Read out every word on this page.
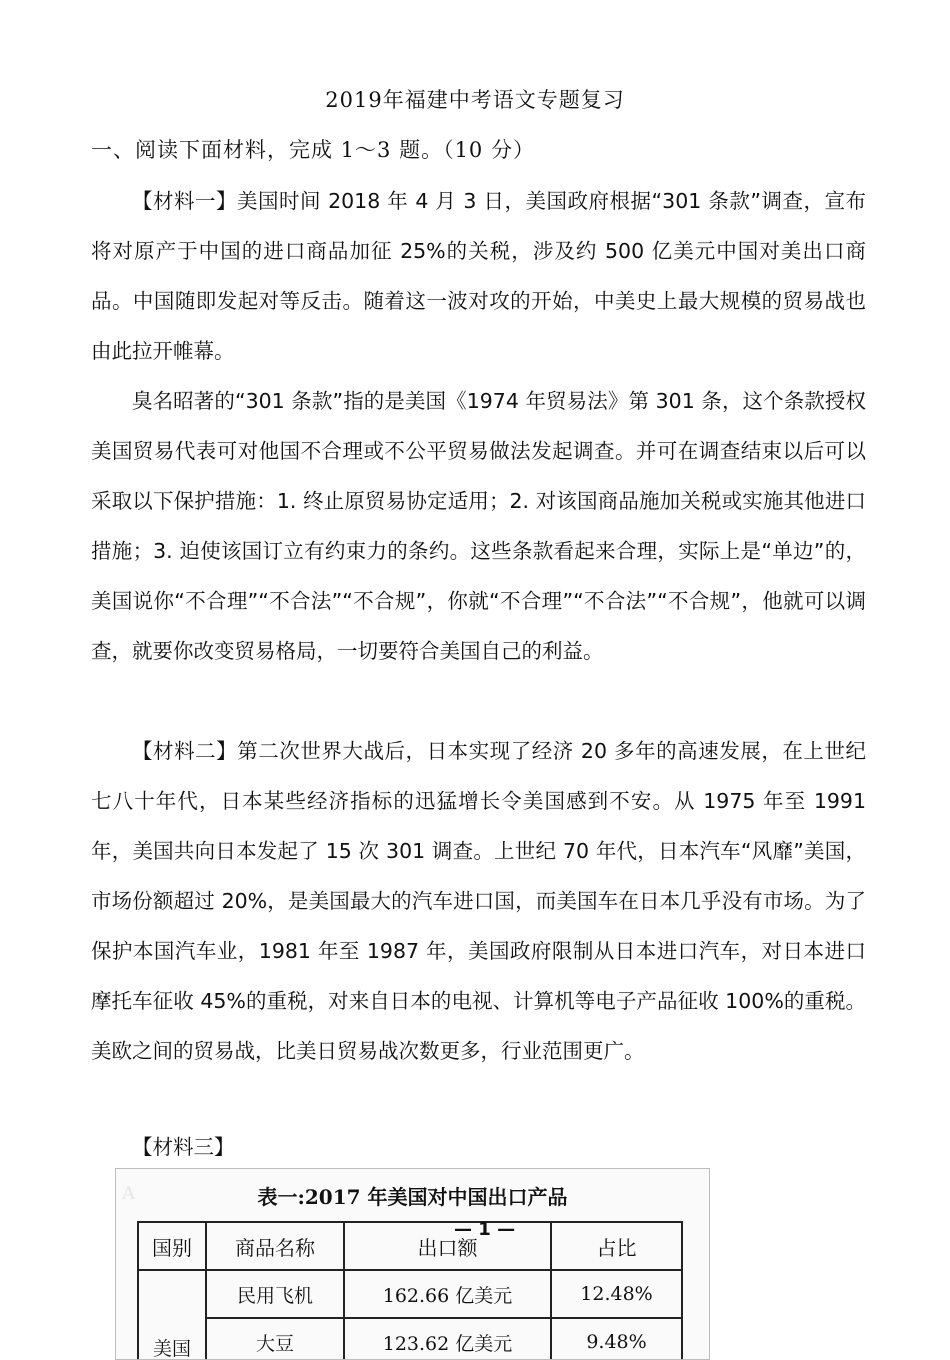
2019年福建中考语文专题复习
一、阅读下面材料，完成 1～3 题。（10 分）

【材料一】美国时间 2018 年 4 月 3 日，美国政府根据“301 条款”调查，宣布将对原产于中国的进口商品加征 25%的关税，涉及约 500 亿美元中国对美出口商品。中国随即发起对等反击。随着这一波对攻的开始，中美史上最大规模的贸易战也由此拉开帷幕。

臭名昭著的“301 条款”指的是美国《1974 年贸易法》第 301 条，这个条款授权美国贸易代表可对他国不合理或不公平贸易做法发起调查。并可在调查结束以后可以采取以下保护措施：1. 终止原贸易协定适用；2. 对该国商品施加关税或实施其他进口措施；3. 迫使该国订立有约束力的条约。这些条款看起来合理，实际上是“单边”的，美国说你“不合理”“不合法”“不合规”，你就“不合理”“不合法”“不合规”，他就可以调查，就要你改变贸易格局，一切要符合美国自己的利益。

【材料二】第二次世界大战后，日本实现了经济 20 多年的高速发展，在上世纪七八十年代，日本某些经济指标的迅猛增长令美国感到不安。从 1975 年至 1991 年，美国共向日本发起了 15 次 301 调查。上世纪 70 年代，日本汽车“风靡”美国，市场份额超过 20%，是美国最大的汽车进口国，而美国车在日本几乎没有市场。为了保护本国汽车业，1981 年至 1987 年，美国政府限制从日本进口汽车，对日本进口摩托车征收 45%的重税，对来自日本的电视、计算机等电子产品征收 100%的重税。美欧之间的贸易战，比美日贸易战次数更多，行业范围更广。

【材料三】
A	表一:2017 年美国对中国出口产品
国别	商品名称	出口额	占比
美国	民用飞机	162.66 亿美元	12.48%
	大豆	123.62 亿美元	9.48%
— 1 —
